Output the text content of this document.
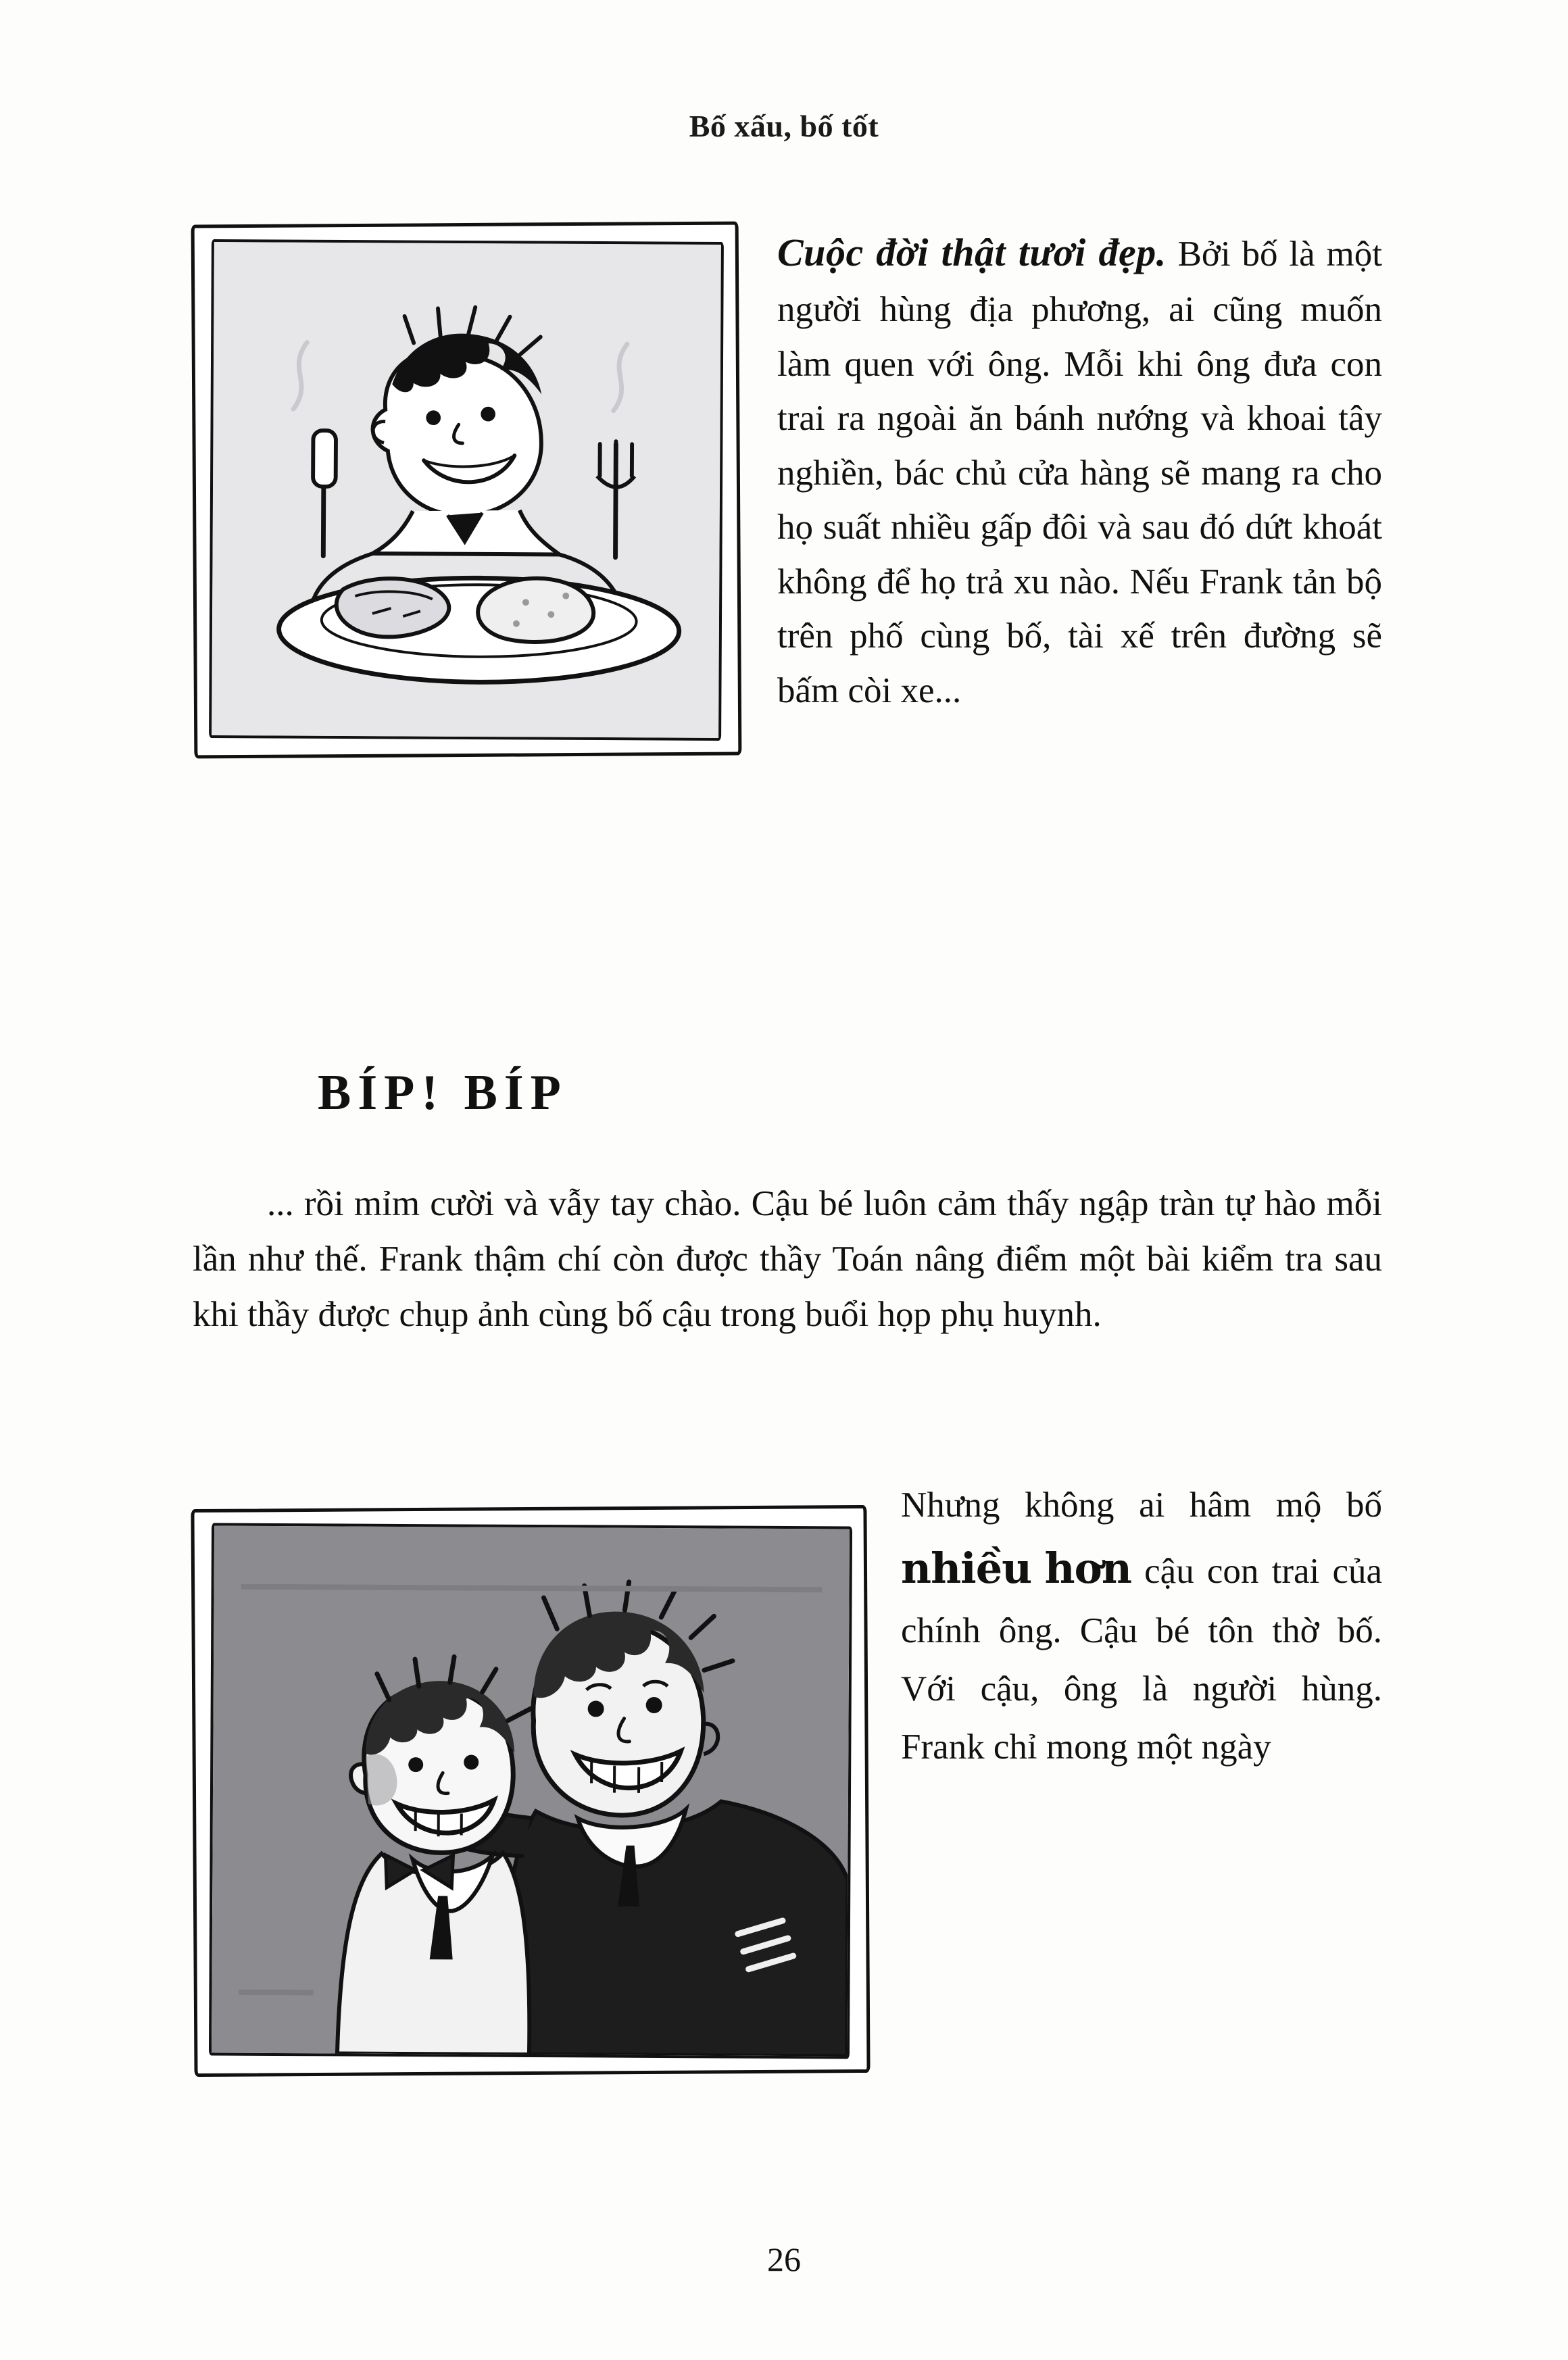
Bố xấu, bố tốt
Cuộc đời thật tươi đẹp. Bởi bố là một người hùng địa phương, ai cũng muốn làm quen với ông. Mỗi khi ông đưa con trai ra ngoài ăn bánh nướng và khoai tây nghiền, bác chủ cửa hàng sẽ mang ra cho họ suất nhiều gấp đôi và sau đó dứt khoát không để họ trả xu nào. Nếu Frank tản bộ trên phố cùng bố, tài xế trên đường sẽ bấm còi xe...
BÍP! BÍP

... rồi mỉm cười và vẫy tay chào. Cậu bé luôn cảm thấy ngập tràn tự hào mỗi lần như thế. Frank thậm chí còn được thầy Toán nâng điểm một bài kiểm tra sau khi thầy được chụp ảnh cùng bố cậu trong buổi họp phụ huynh.

Nhưng không ai hâm mộ bố nhiều hơn cậu con trai của chính ông. Cậu bé tôn thờ bố. Với cậu, ông là người hùng. Frank chỉ mong một ngày

26
